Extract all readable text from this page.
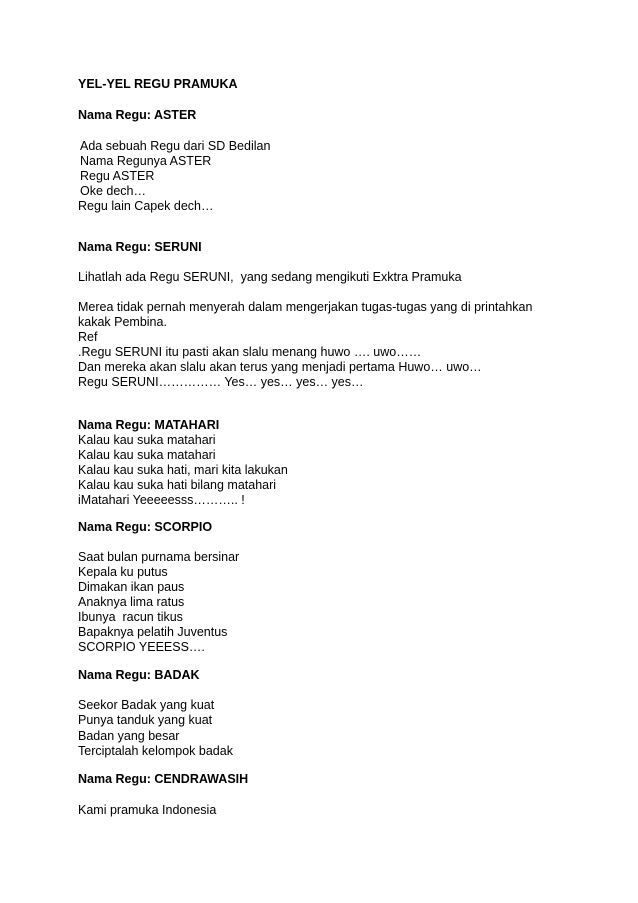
YEL-YEL REGU PRAMUKA
Nama Regu: ASTER
Ada sebuah Regu dari SD Bedilan
Nama Regunya ASTER
Regu ASTER
Oke dech…
Regu lain Capek dech…
Nama Regu: SERUNI
Lihatlah ada Regu SERUNI,  yang sedang mengikuti Exktra Pramuka
Merea tidak pernah menyerah dalam mengerjakan tugas-tugas yang di printahkan
kakak Pembina.
Ref
.Regu SERUNI itu pasti akan slalu menang huwo …. uwo……
Dan mereka akan slalu akan terus yang menjadi pertama Huwo… uwo…
Regu SERUNI…………… Yes… yes… yes… yes…
Nama Regu: MATAHARI
Kalau kau suka matahari
Kalau kau suka matahari
Kalau kau suka hati, mari kita lakukan
Kalau kau suka hati bilang matahari
iMatahari Yeeeeesss……….. !
Nama Regu: SCORPIO
Saat bulan purnama bersinar
Kepala ku putus
Dimakan ikan paus
Anaknya lima ratus
Ibunya  racun tikus
Bapaknya pelatih Juventus
SCORPIO YEEESS….
Nama Regu: BADAK
Seekor Badak yang kuat
Punya tanduk yang kuat
Badan yang besar
Terciptalah kelompok badak
Nama Regu: CENDRAWASIH
Kami pramuka Indonesia
